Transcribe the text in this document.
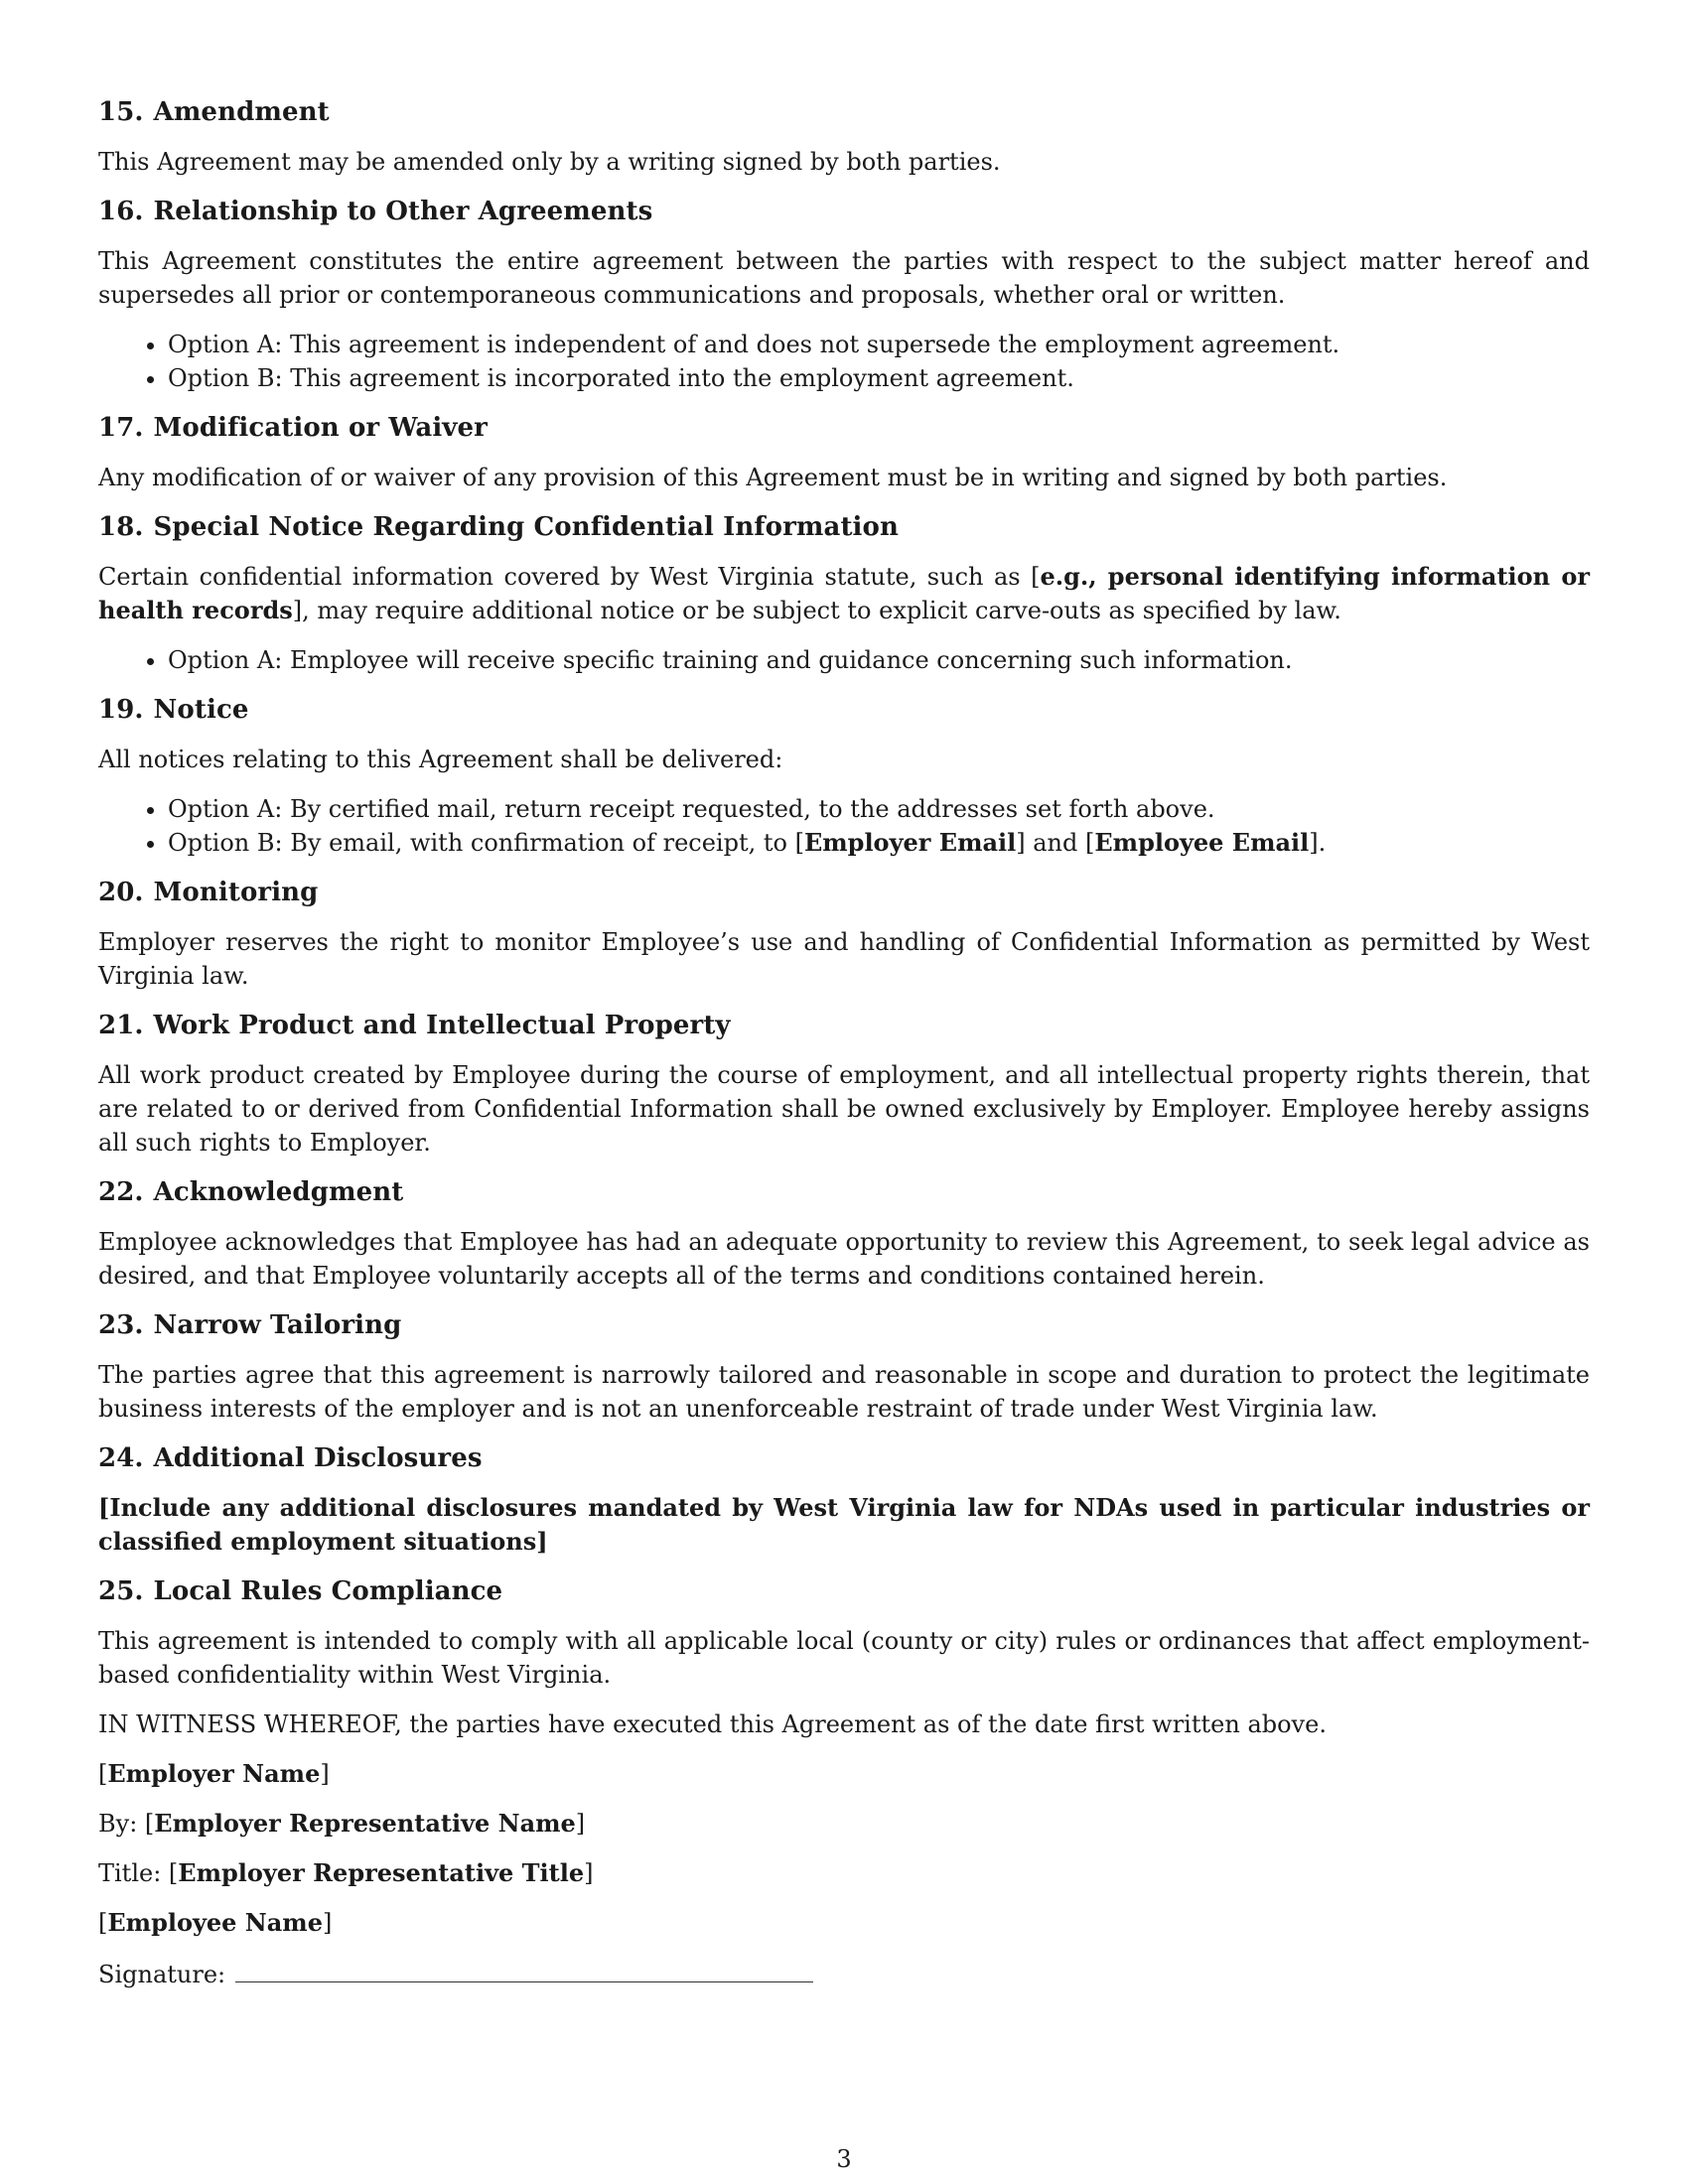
15. Amendment

This Agreement may be amended only by a writing signed by both parties.

16. Relationship to Other Agreements

This Agreement constitutes the entire agreement between the parties with respect to the subject matter hereof and supersedes all prior or contemporaneous communications and proposals, whether oral or written.

• Option A: This agreement is independent of and does not supersede the employment agreement.
• Option B: This agreement is incorporated into the employment agreement.
17. Modification or Waiver

Any modification of or waiver of any provision of this Agreement must be in writing and signed by both parties.

18. Special Notice Regarding Confidential Information

Certain confidential information covered by West Virginia statute, such as [e.g., personal identifying information or health records], may require additional notice or be subject to explicit carve-outs as specified by law.

• Option A: Employee will receive specific training and guidance concerning such information.
19. Notice

All notices relating to this Agreement shall be delivered:

• Option A: By certified mail, return receipt requested, to the addresses set forth above.
• Option B: By email, with confirmation of receipt, to [Employer Email] and [Employee Email].
20. Monitoring

Employer reserves the right to monitor Employee’s use and handling of Confidential Information as permitted by West Virginia law.

21. Work Product and Intellectual Property

All work product created by Employee during the course of employment, and all intellectual property rights therein, that are related to or derived from Confidential Information shall be owned exclusively by Employer. Employee hereby assigns all such rights to Employer.

22. Acknowledgment

Employee acknowledges that Employee has had an adequate opportunity to review this Agreement, to seek legal advice as desired, and that Employee voluntarily accepts all of the terms and conditions contained herein.

23. Narrow Tailoring

The parties agree that this agreement is narrowly tailored and reasonable in scope and duration to protect the legitimate business interests of the employer and is not an unenforceable restraint of trade under West Virginia law.

24. Additional Disclosures

[Include any additional disclosures mandated by West Virginia law for NDAs used in particular industries or classified employment situations]

25. Local Rules Compliance

This agreement is intended to comply with all applicable local (county or city) rules or ordinances that affect employment-based confidentiality within West Virginia.

IN WITNESS WHEREOF, the parties have executed this Agreement as of the date first written above.

[Employer Name]

By: [Employer Representative Name]

Title: [Employer Representative Title]

[Employee Name]

Signature:

3
